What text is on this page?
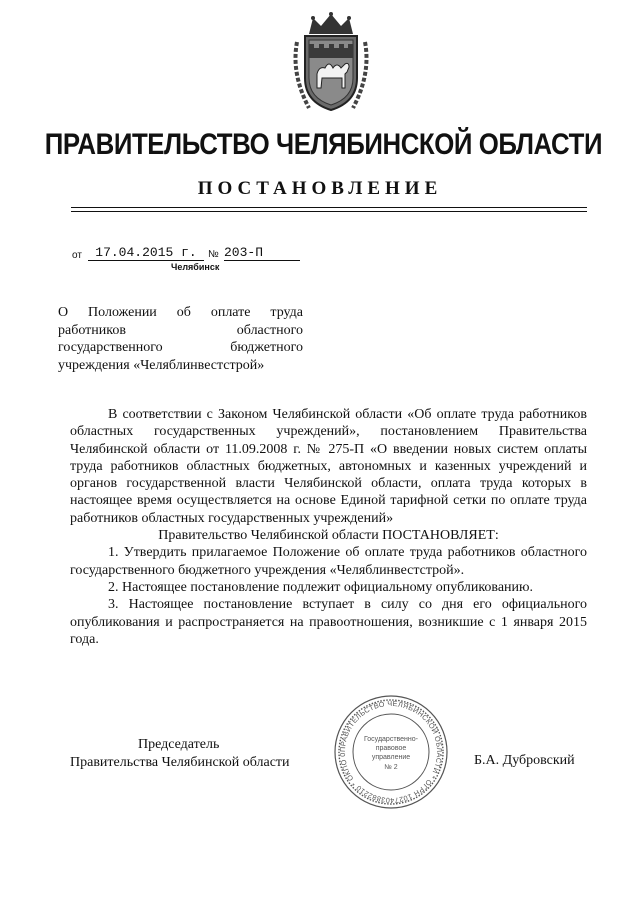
ПРАВИТЕЛЬСТВО ЧЕЛЯБИНСКОЙ ОБЛАСТИ
ПОСТАНОВЛЕНИЕ
от	17.04.2015 г.	№ 203-П
Челябинск
О Положении об оплате труда
работников областного
государственного бюджетного
учреждения «Челяблинвестстрой»

В соответствии с Законом Челябинской области «Об оплате труда работников областных государственных учреждений», постановлением Правительства Челябинской области от 11.09.2008 г. № 275-П «О введении новых систем оплаты труда работников областных бюджетных, автономных и казенных учреждений и органов государственной власти Челябинской области, оплата труда которых в настоящее время осуществляется на основе Единой тарифной сетки по оплате труда работников областных государственных учреждений»

Правительство Челябинской области ПОСТАНОВЛЯЕТ:

1. Утвердить прилагаемое Положение об оплате труда работников областного государственного бюджетного учреждения «Челяблинвестстрой».

2. Настоящее постановление подлежит официальному опубликованию.

3. Настоящее постановление вступает в силу со дня его официального опубликования и распространяется на правоотношения, возникшие с 1 января 2015 года.

Председатель
Правительства Челябинской области	Б.А. Дубровский
ПРАВИТЕЛЬСТВО ЧЕЛЯБИНСКОЙ ОБЛАСТИ * ОГРН 1027403882210 * ОКПО 0
Государственно-
правовое
управление
№ 2
